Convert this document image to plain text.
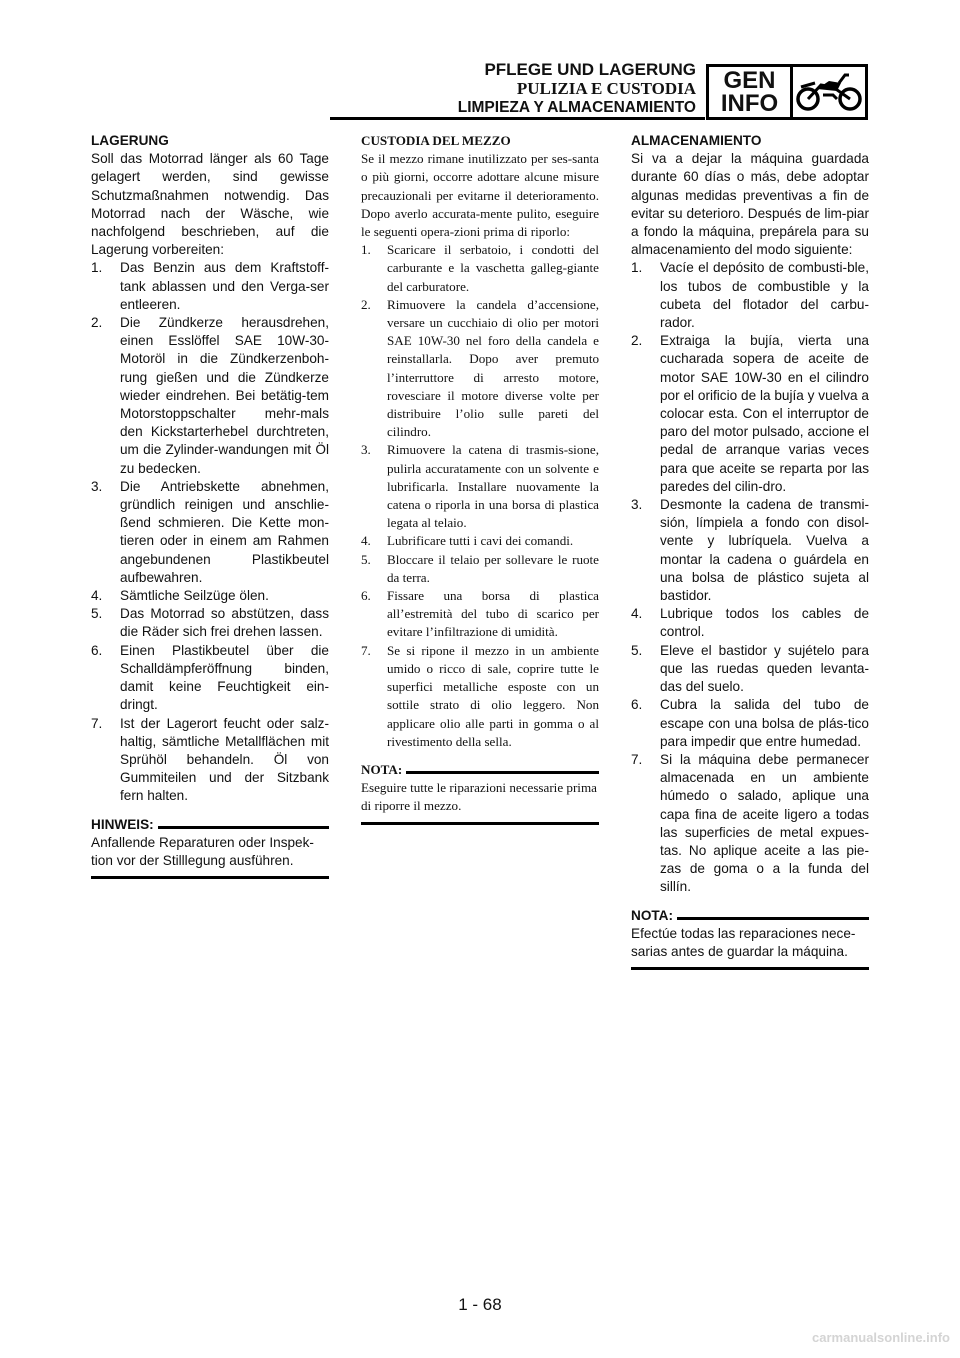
PFLEGE UND LAGERUNG
PULIZIA E CUSTODIA
LIMPIEZA Y ALMACENAMIENTO
GEN
INFO
LAGERUNG
Soll das Motorrad länger als 60 Tage gelagert werden, sind gewisse Schutzmaßnahmen notwendig. Das Motorrad nach der Wäsche, wie nachfolgend beschrieben, auf die Lagerung vorbereiten:
1. Das Benzin aus dem Kraftstoff-tank ablassen und den Verga-ser entleeren.
2. Die Zündkerze herausdrehen, einen Esslöffel SAE 10W-30-Motoröl in die Zündkerzenboh-rung gießen und die Zündkerze wieder eindrehen. Bei betätig-tem Motorstoppschalter mehr-mals den Kickstarterhebel durchtreten, um die Zylinder-wandungen mit Öl zu bedecken.
3. Die Antriebskette abnehmen, gründlich reinigen und anschlie-ßend schmieren. Die Kette mon-tieren oder in einem am Rahmen angebundenen Plastikbeutel aufbewahren.
4. Sämtliche Seilzüge ölen.
5. Das Motorrad so abstützen, dass die Räder sich frei drehen lassen.
6. Einen Plastikbeutel über die Schalldämpferöffnung binden, damit keine Feuchtigkeit ein-dringt.
7. Ist der Lagerort feucht oder salz-haltig, sämtliche Metallflächen mit Sprühöl behandeln. Öl von Gummiteilen und der Sitzbank fern halten.
HINWEIS:
Anfallende Reparaturen oder Inspek-tion vor der Stilllegung ausführen.
CUSTODIA DEL MEZZO
Se il mezzo rimane inutilizzato per ses-santa o più giorni, occorre adottare alcune misure precauzionali per evitarne il deterioramento. Dopo averlo accurata-mente pulito, eseguire le seguenti opera-zioni prima di riporlo:
1. Scaricare il serbatoio, i condotti del carburante e la vaschetta galleg-giante del carburatore.
2. Rimuovere la candela d’accensione, versare un cucchiaio di olio per motori SAE 10W-30 nel foro della candela e reinstallarla. Dopo aver premuto l’interruttore di arresto motore, rovesciare il motore diverse volte per distribuire l’olio sulle pareti del cilindro.
3. Rimuovere la catena di trasmis-sione, pulirla accuratamente con un solvente e lubrificarla. Installare nuovamente la catena o riporla in una borsa di plastica legata al telaio.
4. Lubrificare tutti i cavi dei comandi.
5. Bloccare il telaio per sollevare le ruote da terra.
6. Fissare una borsa di plastica all’estremità del tubo di scarico per evitare l’infiltrazione di umidità.
7. Se si ripone il mezzo in un ambiente umido o ricco di sale, coprire tutte le superfici metalliche esposte con un sottile strato di olio leggero. Non applicare olio alle parti in gomma o al rivestimento della sella.
NOTA:
Eseguire tutte le riparazioni necessarie prima di riporre il mezzo.
ALMACENAMIENTO
Si va a dejar la máquina guardada durante 60 días o más, debe adoptar algunas medidas preventivas a fin de evitar su deterioro. Después de lim-piar a fondo la máquina, prepárela para su almacenamiento del modo siguiente:
1. Vacíe el depósito de combusti-ble, los tubos de combustible y la cubeta del flotador del carbu-rador.
2. Extraiga la bujía, vierta una cucharada sopera de aceite de motor SAE 10W-30 en el cilindro por el orificio de la bujía y vuelva a colocar esta. Con el interruptor de paro del motor pulsado, accione el pedal de arranque varias veces para que aceite se reparta por las paredes del cilin-dro.
3. Desmonte la cadena de transmi-sión, límpiela a fondo con disol-vente y lubríquela. Vuelva a montar la cadena o guárdela en una bolsa de plástico sujeta al bastidor.
4. Lubrique todos los cables de control.
5. Eleve el bastidor y sujételo para que las ruedas queden levanta-das del suelo.
6. Cubra la salida del tubo de escape con una bolsa de plás-tico para impedir que entre humedad.
7. Si la máquina debe permanecer almacenada en un ambiente húmedo o salado, aplique una capa fina de aceite ligero a todas las superficies de metal expues-tas. No aplique aceite a las pie-zas de goma o a la funda del sillín.
NOTA:
Efectúe todas las reparaciones nece-sarias antes de guardar la máquina.
1 - 68
carmanualsonline.info
